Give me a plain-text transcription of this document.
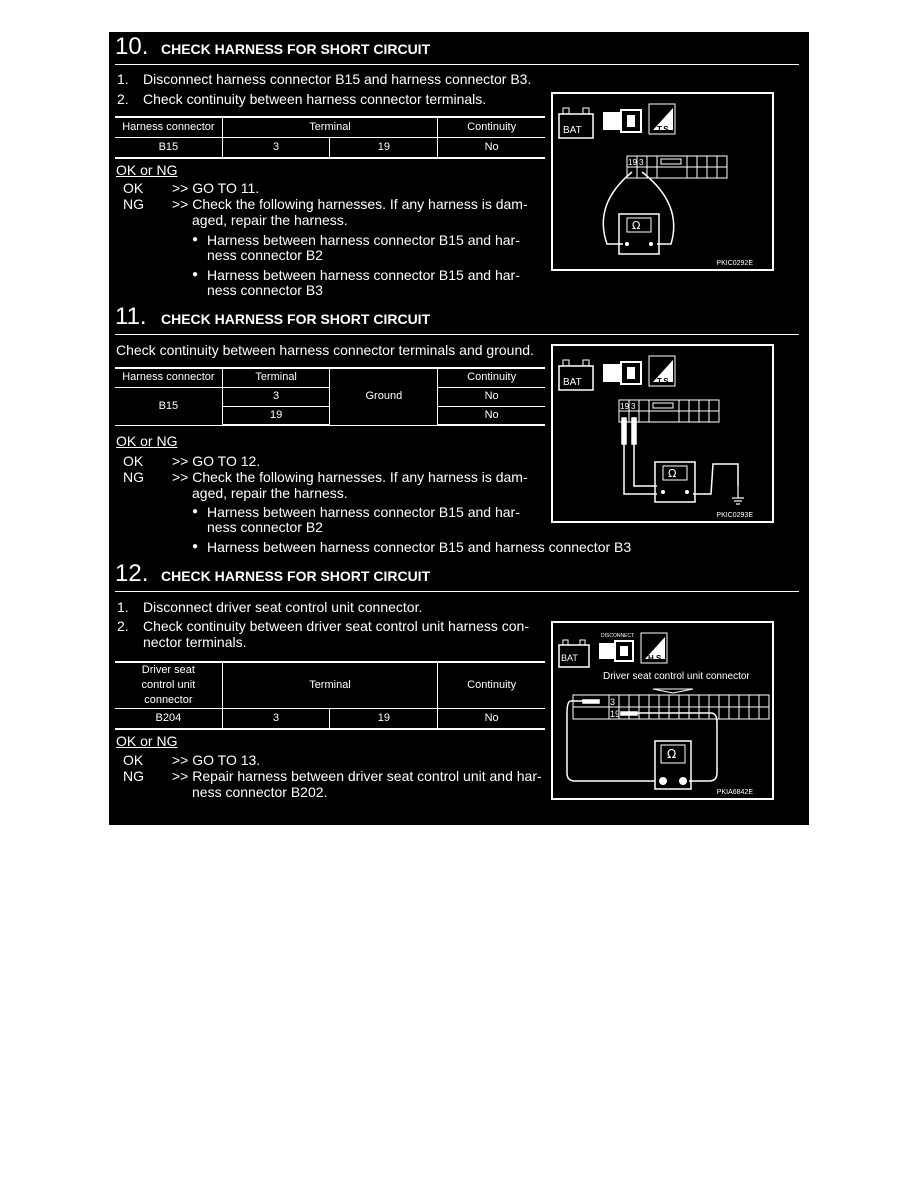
10. CHECK HARNESS FOR SHORT CIRCUIT
1. Disconnect harness connector B15 and harness connector B3.
2. Check continuity between harness connector terminals.
Harness connector	Terminal		Continuity
B15	3	19	No
OK or NG
OK >> GO TO 11.
NG >> Check the following harnesses. If any harness is dam-
aged, repair the harness.
● Harness between harness connector B15 and har-
ness connector B2
● Harness between harness connector B15 and har-
ness connector B3
BAT	T.S.
19 3
Ω
PKIC0292E
11. CHECK HARNESS FOR SHORT CIRCUIT
Check continuity between harness connector terminals and ground.
Harness connector	Terminal	Ground	Continuity
B15	3		No
	19		No
OK or NG
OK >> GO TO 12.
NG >> Check the following harnesses. If any harness is dam-
aged, repair the harness.
● Harness between harness connector B15 and har-
ness connector B2
● Harness between harness connector B15 and harness connector B3
BAT	T.S.
19 3
Ω
PKIC0293E
12. CHECK HARNESS FOR SHORT CIRCUIT
1. Disconnect driver seat control unit connector.
2. Check continuity between driver seat control unit harness con-
nector terminals.
Driver seat
control unit
connector	Terminal		Continuity
B204	3	19	No
OK or NG
OK >> GO TO 13.
NG >> Repair harness between driver seat control unit and har-
ness connector B202.
BAT
DISCONNECT
H.S.
Driver seat control unit connector
3
19
Ω
PKIA6842E
